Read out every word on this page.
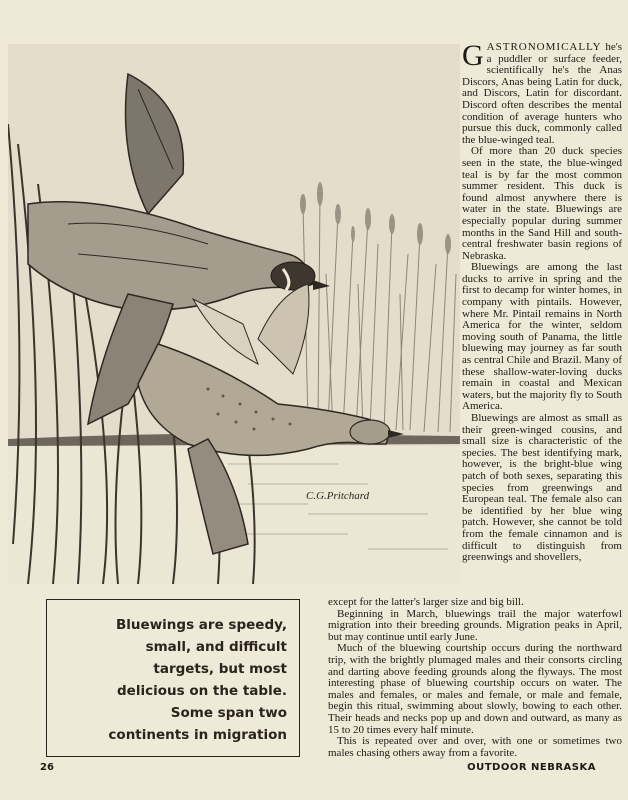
C.G.Pritchard

GASTRONOMICALLY he's a puddler or surface feeder, scientifically he's the Anas Discors, Anas being Latin for duck, and Discors, Latin for discordant. Discord often describes the mental condition of average hunters who pursue this duck, commonly called the blue-winged teal.

Of more than 20 duck species seen in the state, the blue-winged teal is by far the most common summer resident. This duck is found almost anywhere there is water in the state. Bluewings are especially popular during summer months in the Sand Hill and south-central freshwater basin regions of Nebraska.

Bluewings are among the last ducks to arrive in spring and the first to decamp for winter homes, in company with pintails. However, where Mr. Pintail remains in North America for the winter, seldom moving south of Panama, the little bluewing may journey as far south as central Chile and Brazil. Many of these shallow-water-loving ducks remain in coastal and Mexican waters, but the majority fly to South America.

Bluewings are almost as small as their green-winged cousins, and small size is characteristic of the species. The best identifying mark, however, is the bright-blue wing patch of both sexes, separating this species from greenwings and European teal. The female also can be identified by her blue wing patch. However, she cannot be told from the female cinnamon and is difficult to distinguish from greenwings and shovellers,

Bluewings are speedy,
small, and difficult
targets, but most
delicious on the table.
Some span two
continents in migration

except for the latter's larger size and big bill.

Beginning in March, bluewings trail the major waterfowl migration into their breeding grounds. Migration peaks in April, but may continue until early June.

Much of the bluewing courtship occurs during the northward trip, with the brightly plumaged males and their consorts circling and darting above feeding grounds along the flyways. The most interesting phase of bluewing courtship occurs on water. The males and females, or males and female, or male and female, begin this ritual, swimming about slowly, bowing to each other. Their heads and necks pop up and down and outward, as many as 15 to 20 times every half minute.

This is repeated over and over, with one or sometimes two males chasing others away from a favorite.

26	OUTDOOR NEBRASKA
